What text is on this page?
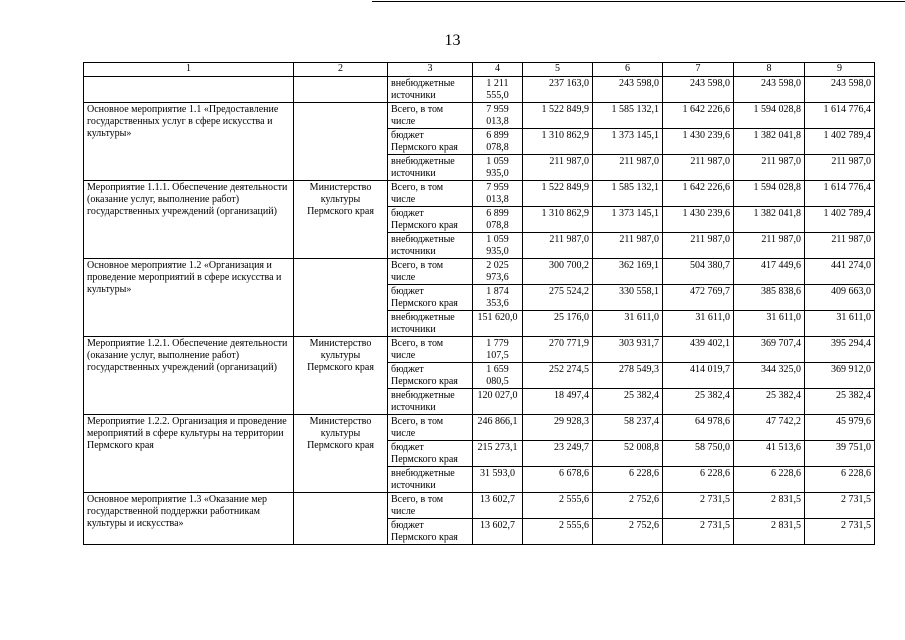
13
1	2	3	4	5	6	7	8	9
		внебюджетные источники	1 211 555,0	237 163,0	243 598,0	243 598,0	243 598,0	243 598,0
Основное мероприятие 1.1 «Предоставление государственных услуг в сфере искусства и культуры»		Всего, в том числе	7 959 013,8	1 522 849,9	1 585 132,1	1 642 226,6	1 594 028,8	1 614 776,4
		бюджет Пермского края	6 899 078,8	1 310 862,9	1 373 145,1	1 430 239,6	1 382 041,8	1 402 789,4
		внебюджетные источники	1 059 935,0	211 987,0	211 987,0	211 987,0	211 987,0	211 987,0
Мероприятие 1.1.1. Обеспечение деятельности (оказание услуг, выполнение работ) государственных учреждений (организаций)	Министерство культуры Пермского края	Всего, в том числе	7 959 013,8	1 522 849,9	1 585 132,1	1 642 226,6	1 594 028,8	1 614 776,4
		бюджет Пермского края	6 899 078,8	1 310 862,9	1 373 145,1	1 430 239,6	1 382 041,8	1 402 789,4
		внебюджетные источники	1 059 935,0	211 987,0	211 987,0	211 987,0	211 987,0	211 987,0
Основное мероприятие 1.2 «Организация и проведение мероприятий в сфере искусства и культуры»		Всего, в том числе	2 025 973,6	300 700,2	362 169,1	504 380,7	417 449,6	441 274,0
		бюджет Пермского края	1 874 353,6	275 524,2	330 558,1	472 769,7	385 838,6	409 663,0
		внебюджетные источники	151 620,0	25 176,0	31 611,0	31 611,0	31 611,0	31 611,0
Мероприятие 1.2.1. Обеспечение деятельности (оказание услуг, выполнение работ) государственных учреждений (организаций)	Министерство культуры Пермского края	Всего, в том числе	1 779 107,5	270 771,9	303 931,7	439 402,1	369 707,4	395 294,4
		бюджет Пермского края	1 659 080,5	252 274,5	278 549,3	414 019,7	344 325,0	369 912,0
		внебюджетные источники	120 027,0	18 497,4	25 382,4	25 382,4	25 382,4	25 382,4
Мероприятие 1.2.2. Организация и проведение мероприятий в сфере культуры на территории Пермского края	Министерство культуры Пермского края	Всего, в том числе	246 866,1	29 928,3	58 237,4	64 978,6	47 742,2	45 979,6
		бюджет Пермского края	215 273,1	23 249,7	52 008,8	58 750,0	41 513,6	39 751,0
		внебюджетные источники	31 593,0	6 678,6	6 228,6	6 228,6	6 228,6	6 228,6
Основное мероприятие 1.3 «Оказание мер государственной поддержки работникам культуры и искусства»		Всего, в том числе	13 602,7	2 555,6	2 752,6	2 731,5	2 831,5	2 731,5
		бюджет Пермского края	13 602,7	2 555,6	2 752,6	2 731,5	2 831,5	2 731,5
